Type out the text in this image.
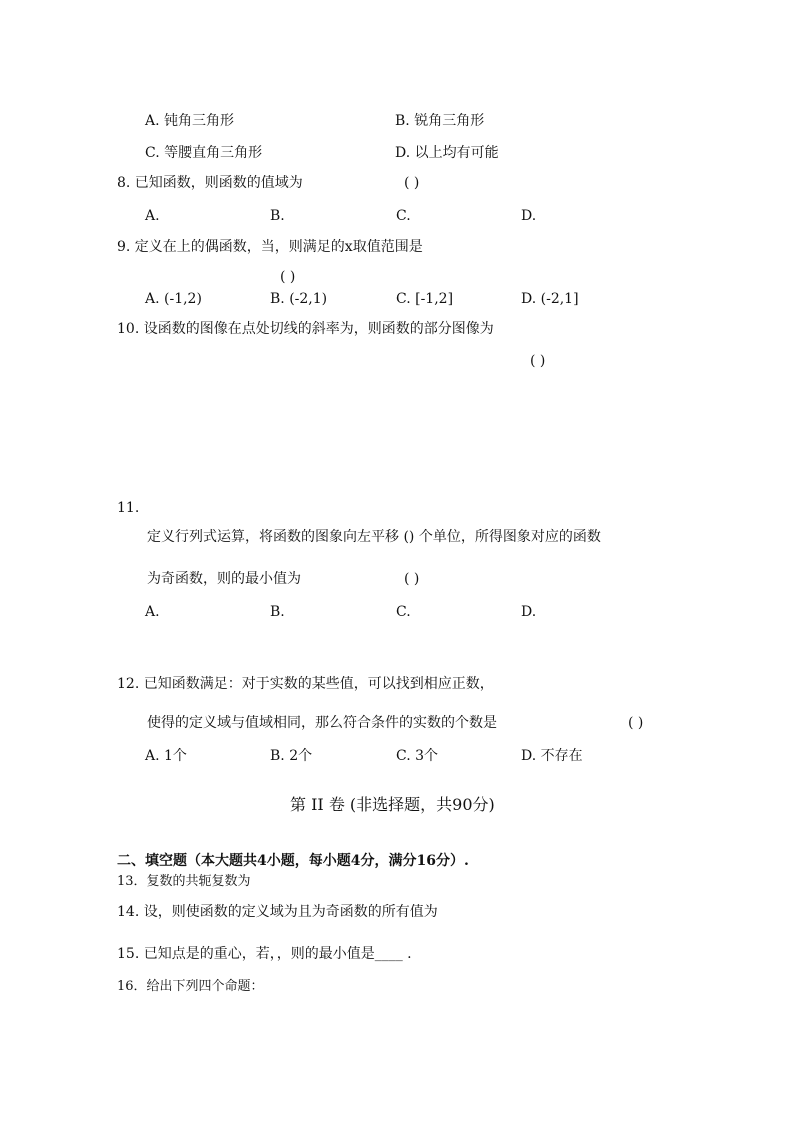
A. 钝角三角形	B. 锐角三角形
C. 等腰直角三角形	D. 以上均有可能
8. 已知函数，则函数的值域为	( )
A.	B.	C.	D.
9. 定义在上的偶函数，当，则满足的x取值范围是
( )
A. (-1,2)	B. (-2,1)	C. [-1,2]	D. (-2,1]
10. 设函数的图像在点处切线的斜率为，则函数的部分图像为
( )
11.
定义行列式运算，将函数的图象向左平移 () 个单位，所得图象对应的函数
为奇函数，则的最小值为	( )
A.	B.	C.	D.
12. 已知函数满足：对于实数的某些值，可以找到相应正数，
使得的定义域与值域相同，那么符合条件的实数的个数是	( )
A. 1个	B. 2个	C. 3个	D. 不存在
第 II 卷 (非选择题，共90分)
二、填空题（本大题共4小题，每小题4分，满分16分）.
13．复数的共轭复数为
14. 设，则使函数的定义域为且为奇函数的所有值为
15. 已知点是的重心，若，，则的最小值是____ .
16．给出下列四个命题：
